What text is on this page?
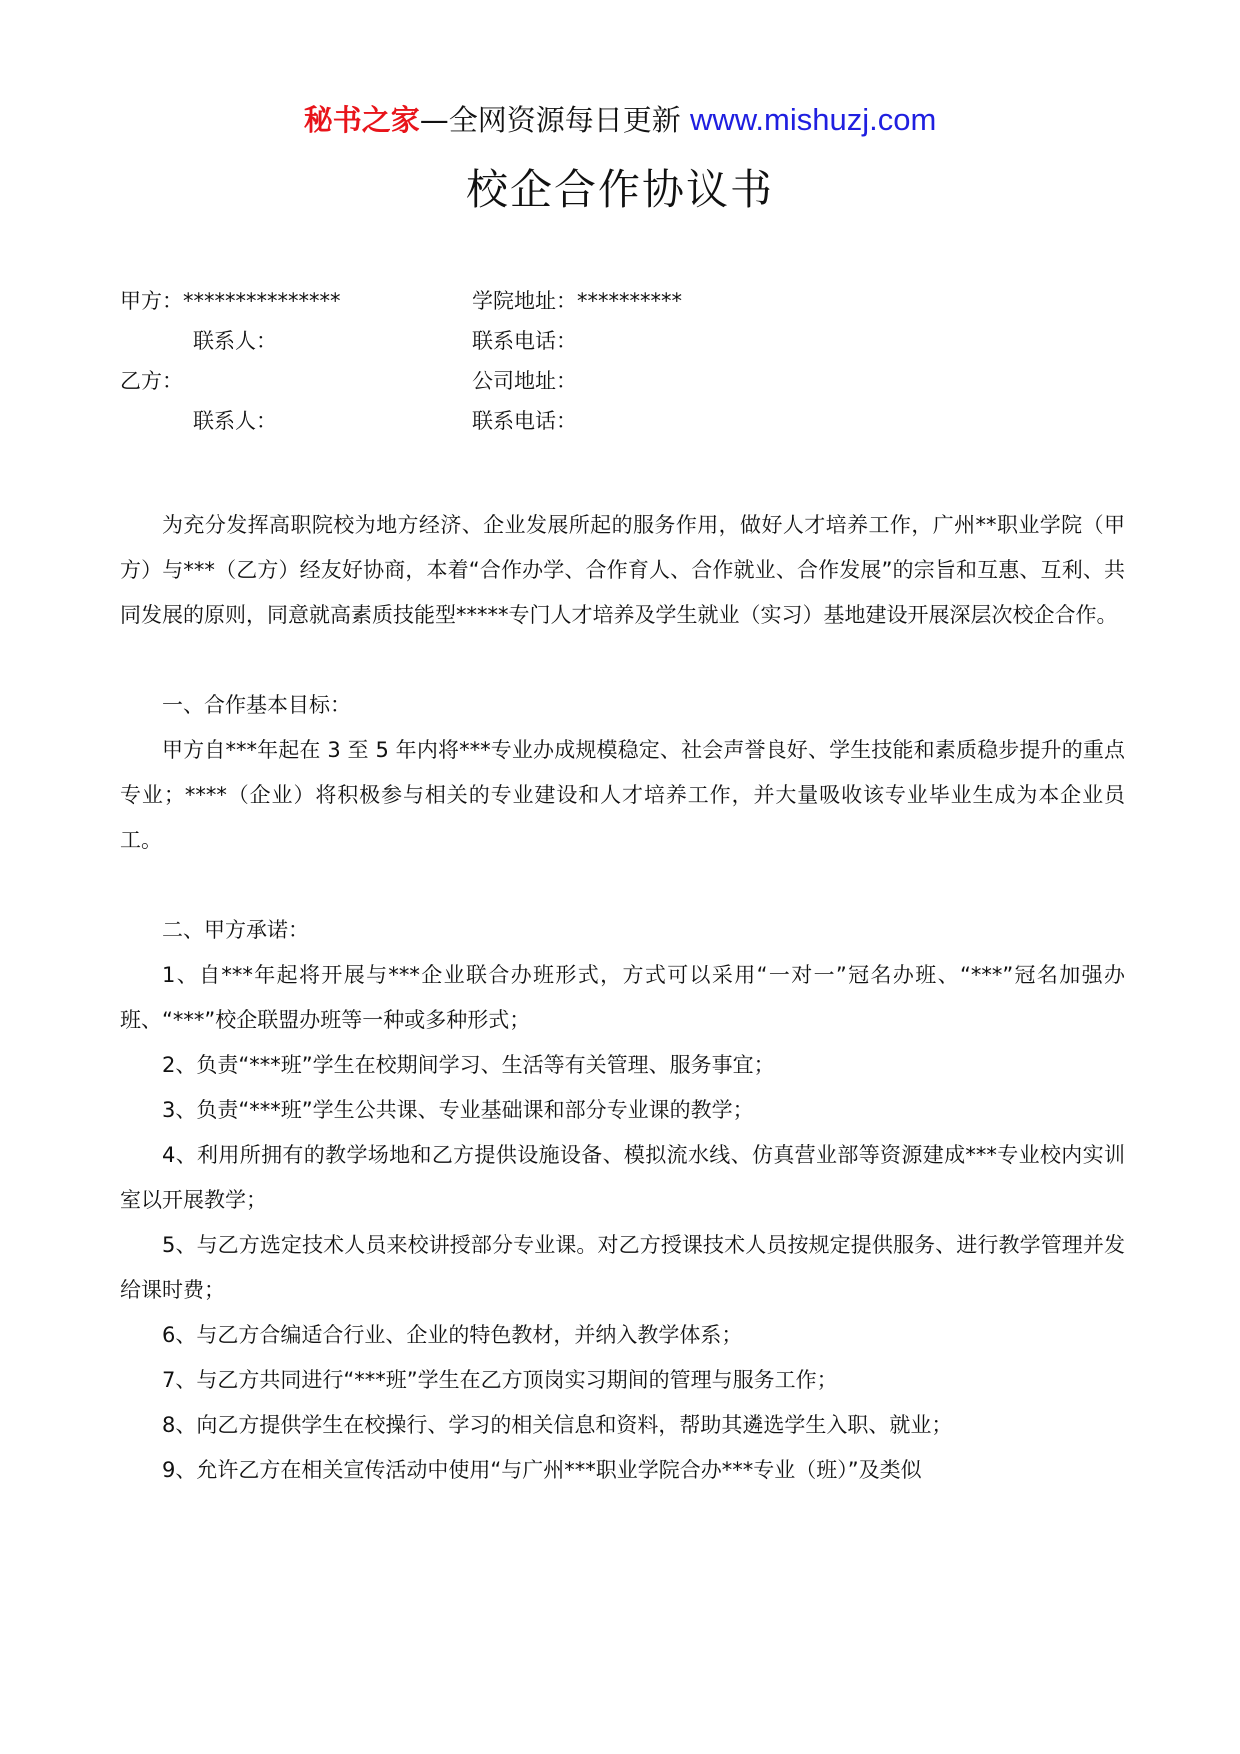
秘书之家—全网资源每日更新 www.mishuzj.com
校企合作协议书
甲方：***************	学院地址：**********
联系人：	联系电话：
乙方：	公司地址：
联系人：	联系电话：

为充分发挥高职院校为地方经济、企业发展所起的服务作用，做好人才培养工作，广州**职业学院（甲方）与***（乙方）经友好协商，本着“合作办学、合作育人、合作就业、合作发展”的宗旨和互惠、互利、共同发展的原则，同意就高素质技能型*****专门人才培养及学生就业（实习）基地建设开展深层次校企合作。

一、合作基本目标：

甲方自***年起在 3 至 5 年内将***专业办成规模稳定、社会声誉良好、学生技能和素质稳步提升的重点专业；****（企业）将积极参与相关的专业建设和人才培养工作，并大量吸收该专业毕业生成为本企业员工。

二、甲方承诺：

1、自***年起将开展与***企业联合办班形式，方式可以采用“一对一”冠名办班、“***”冠名加强办班、“***”校企联盟办班等一种或多种形式；

2、负责“***班”学生在校期间学习、生活等有关管理、服务事宜；

3、负责“***班”学生公共课、专业基础课和部分专业课的教学；

4、利用所拥有的教学场地和乙方提供设施设备、模拟流水线、仿真营业部等资源建成***专业校内实训室以开展教学；

5、与乙方选定技术人员来校讲授部分专业课。对乙方授课技术人员按规定提供服务、进行教学管理并发给课时费；

6、与乙方合编适合行业、企业的特色教材，并纳入教学体系；

7、与乙方共同进行“***班”学生在乙方顶岗实习期间的管理与服务工作；

8、向乙方提供学生在校操行、学习的相关信息和资料，帮助其遴选学生入职、就业；

9、允许乙方在相关宣传活动中使用“与广州***职业学院合办***专业（班）”及类似
